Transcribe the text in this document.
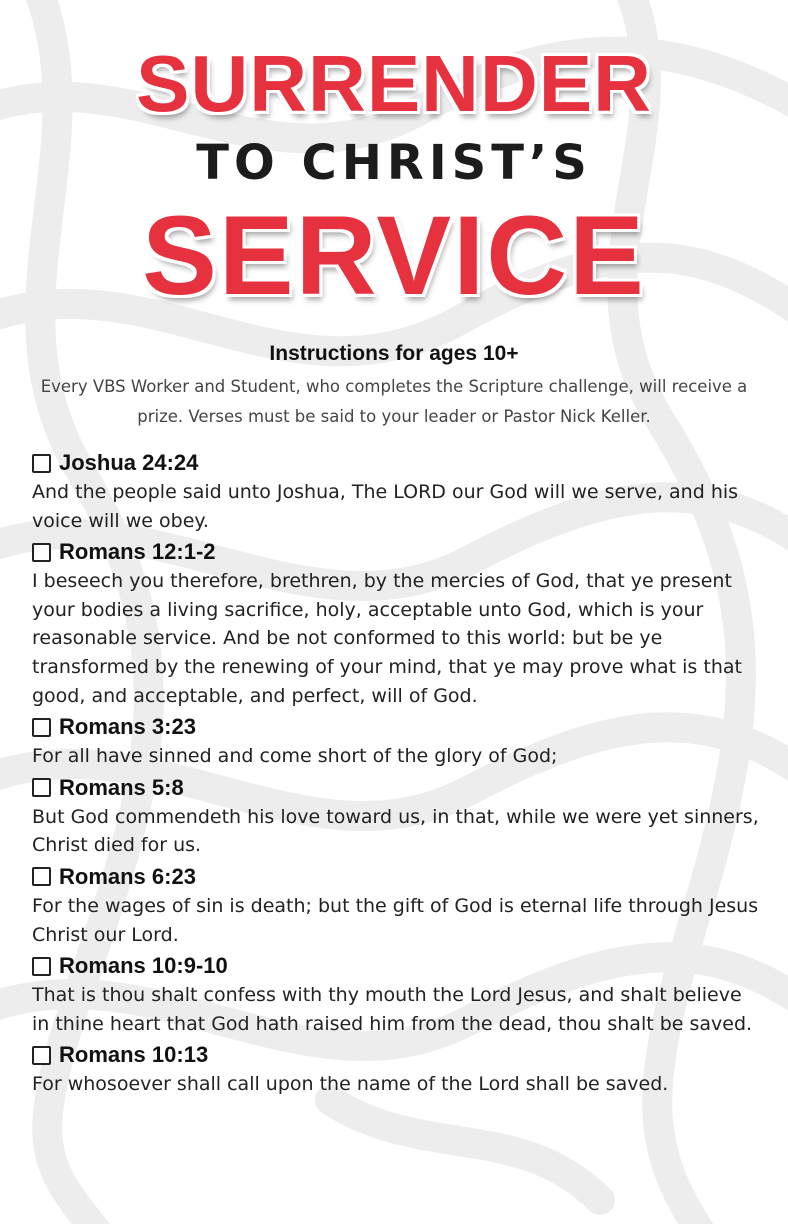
SURRENDER
TO CHRIST’S
SERVICE
Instructions for ages 10+
Every VBS Worker and Student, who completes the Scripture challenge, will receive a prize. Verses must be said to your leader or Pastor Nick Keller.
Joshua 24:24
And the people said unto Joshua, The LORD our God will we serve, and his voice will we obey.
Romans 12:1-2
I beseech you therefore, brethren, by the mercies of God, that ye present your bodies a living sacrifice, holy, acceptable unto God, which is your reasonable service. And be not conformed to this world: but be ye transformed by the renewing of your mind, that ye may prove what is that good, and acceptable, and perfect, will of God.
Romans 3:23
For all have sinned and come short of the glory of God;
Romans 5:8
But God commendeth his love toward us, in that, while we were yet sinners, Christ died for us.
Romans 6:23
For the wages of sin is death; but the gift of God is eternal life through Jesus Christ our Lord.
Romans 10:9-10
That is thou shalt confess with thy mouth the Lord Jesus, and shalt believe in thine heart that God hath raised him from the dead, thou shalt be saved.
Romans 10:13
For whosoever shall call upon the name of the Lord shall be saved.
